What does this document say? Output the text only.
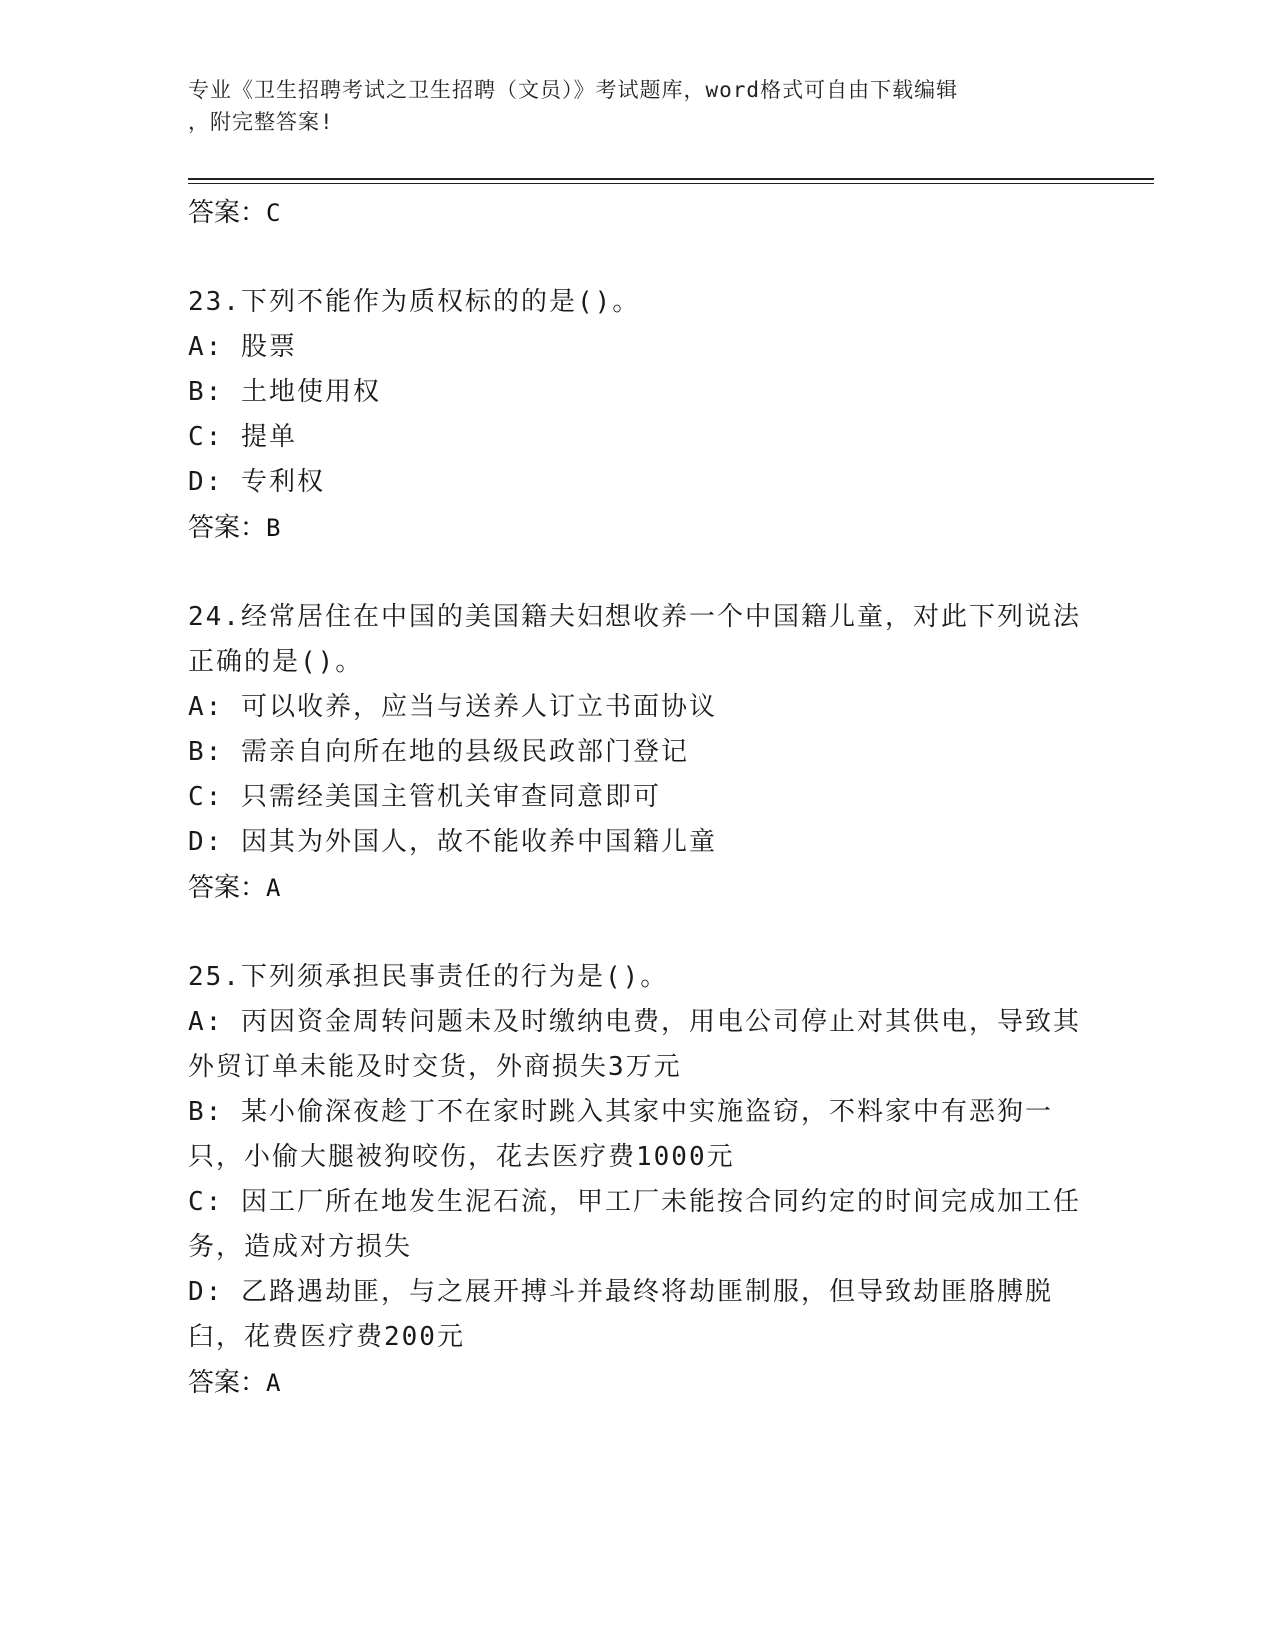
专业《卫生招聘考试之卫生招聘（文员）》考试题库，word格式可自由下载编辑
，附完整答案!
答案：C
23.下列不能作为质权标的的是()。
A: 股票
B: 土地使用权
C: 提单
D: 专利权
答案：B
24.经常居住在中国的美国籍夫妇想收养一个中国籍儿童，对此下列说法正确的是()。
A: 可以收养，应当与送养人订立书面协议
B: 需亲自向所在地的县级民政部门登记
C: 只需经美国主管机关审查同意即可
D: 因其为外国人，故不能收养中国籍儿童
答案：A
25.下列须承担民事责任的行为是()。
A: 丙因资金周转问题未及时缴纳电费，用电公司停止对其供电，导致其外贸订单未能及时交货，外商损失3万元
B: 某小偷深夜趁丁不在家时跳入其家中实施盗窃，不料家中有恶狗一只，小偷大腿被狗咬伤，花去医疗费1000元
C: 因工厂所在地发生泥石流，甲工厂未能按合同约定的时间完成加工任务，造成对方损失
D: 乙路遇劫匪，与之展开搏斗并最终将劫匪制服，但导致劫匪胳膊脱臼，花费医疗费200元
答案：A
